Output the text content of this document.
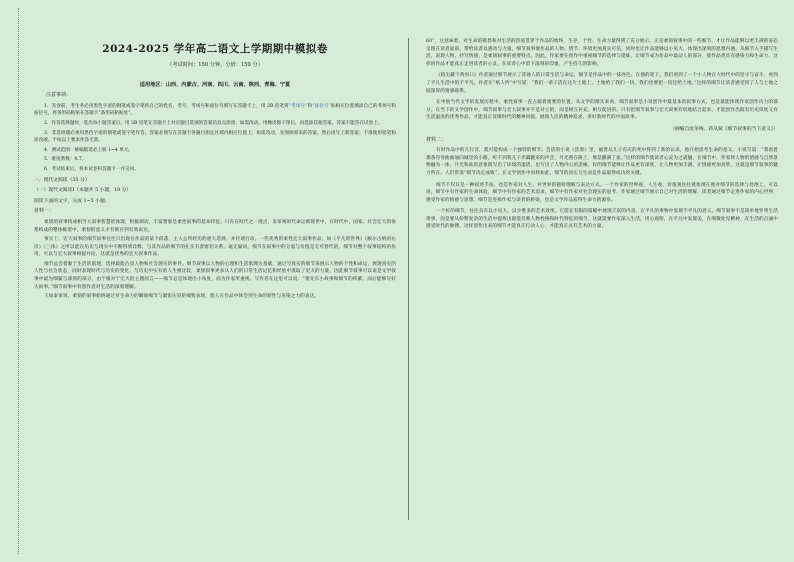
2024-2025 学年高二语文上学期期中模拟卷
（考试时间：150 分钟，分值：150 分）
适用地区：山西、内蒙古、河南、四川、云南、陕西、青海、宁夏
注意事项：

1．答卷前，考生务必用黑色字迹的钢笔或签字笔将自己的姓名、考号、考场号和座位号填写在答题卡上，用 2B 铅笔将“考场号”和“座位号”标相应位置填涂自己的考场号和座位号，将条形码粘贴在答题卡“条形码粘贴处”。

2．作答选择题时，选出每小题答案后，用 2B 铅笔在答题卡上对应题目选项的答案信息点涂黑；如需改动，用橡皮擦干净后，再选涂其他答案。答案不能答在试卷上。

3．非选择题必须用黑色字迹的钢笔或签字笔作答，答案必须写在答题卡各题目指定区域内相应位置上；如需改动，先划掉原来的答案，然后再写上新答案；不准使用铅笔和涂改液。不按以上要求作答无效。

4．测试范围：统编版选必上册 1~4 单元。

5．难度系数：0.7。

6．考试结束后，将本试卷和答题卡一并交回。

一、现代文阅读（35 分）

（一）现代文阅读Ⅰ（本题共 5 小题，19 分）

阅读下面的文字，完成 1~5 小题。

材料一：

柔韧的叙事构成相当大叙事智慧的体现，积极调动，丰富想象是柔性叙事的基本特征。只有在时代之一现点，来审视时代命运被现世中，在时代中，国家、社会宏大的体系构成的整体框架中，柔韧的意义才有被存到有效表达。

事实上，宏大叙事的细节叙事往往只出现在作品的某个段落，主人公所经历的重大选择，并付诸行动。一些优秀的柔性宏大叙事作品，如《平凡的世界》《额尔古纳河右岸》《三体》之所以能在历史与现实中不断得到诠释，与其作品的细节的扎实有着密切关系。毫无疑问，细节在叙事中的分量与价值是无可替代的，细节对整个叙事结构的作用，可以与宏大叙事相提并论。这就是优秀的宏大叙事作品。

细节总会着眼于生活的肌理，选择最能凸显人物和社会现实的事件。细节叙事以人物的心理和生活肌理为基础，通过写真实的细节来展示人物的个性和命运，展现真实的人性与社会状态，同时表现时代与历史的变化。与历史中实有的人生相比较，柔韧叙事更多从人们的日常生活记忆和经验中汲取了更大的力量，因此细节叙事可以说是文学叙事中最为细腻与深刻的部分，由于相对于宏大的主题而言——细节总是体现出小角度，而为作家所重视。写作者在这里可以说：“要先有小故事和细节的积累，而后能够写好大故事。”细节叙事中有创作者对生活的深刻理解。

王如泰说说，柔韧的叙事始终通过对生命力的瞬间细节与紧张压迫的细致表现，使人在作品中体会到生命的韧性与渲染之力的表达。

60”，这意味着，对生命的敬畏和对生活的热爱贯穿于作品的始终，生存、个性、生命力量得到了充分展示。正是柔韧叙事中的一些细节，才让作品能够以更丰满的姿态呈现在读者面前，带给读者以感动与力量。细节叙事使作品的人物、情节、环境更加真实可信，同时也让作品能够以小见大，体现出深刻的思想内涵。从细节入手描写生活、表现人物、抒写情感，是柔韧叙事的重要特点。因此，作家要在创作中重视细节的选择与提炼，让细节成为作品中最动人的部分，使作品更具有感染力和生命力。这样的作品才能真正走进读者的心灵，在读者心中留下深刻的印象，产生持久的影响。

《指尖藏下黄河口》作者通过细节展示了普通人的日常生活与命运，细节是作品中的一抹亮色。在他的笔下，我们看到了一个小人物在大时代中的坚守与奋斗，看到了平凡生活中的不平凡。作者在“纸人吟”中写道：“我们一辈子活在这片土地上，土地给了我们一切，我们也要把一切还给土地。”这样的细节让读者感受到了人与土地之间深厚的情感联系。

在中国当代文学的发展历程中，柔性叙事一直占据着重要的位置。从文学的源头来看，细节叙事是小说创作中最基本的叙事方式，也是最能体现作家创作功力的部分。在当下的文学创作中，细节叙事与宏大叙事并不是对立的，而是相互补充、相互促进的。只有把细节叙事与宏大叙事有机地结合起来，才能创作出既有历史厚度又有生活温度的优秀作品，才能真正反映时代的精神风貌，展现人民的精神追求，讲好新时代的中国故事。

（摘编自沈冬梅、蒋从斌《细节叙事的当下意义》）

材料二：

有时作品中的几行诗，就可能构成一个独特的细节。会话的小说《活着》里，福贵从儿子有庆的死中得到了新的认识，他开始思考生命的意义。小说写道：“我看着那条弯弯曲曲通向城里的小路，听不到我儿子赤脚跑来的声音，月光照在路上，像是撒满了盐。”这样的细节使读者心灵为之震撼，在细节中，作家将人物的情感与自然景物融为一体，月光和盐的意象既写出了环境的凄清，也写出了人物内心的悲痛。好的细节能够让作品更有深度，让人物更加丰满，让情感更加真挚，这就是细节叙事的魅力所在。人们常说“细节决定成败”，在文学创作中同样如此，细节的真实与生动是作品取得成功的关键。

细节不仅仅是一种叙述手法，也是作家对人生、对世界的独特理解与表达方式。一个作家的世界观、人生观、价值观往往就体现在他对细节的选择与处理上。可以说，细节中有作家的生命体验，细节中有作家的艺术追求，细节中有作家对社会现实的思考。作家通过细节展示自己对生活的理解，读者通过细节走进作家的内心世界，感受作家的情感与思想。细节是连接作家与读者的桥梁，也是文学作品获得生命力的源泉。

一个好的细节，往往具有以小见大、以少胜多的艺术效果。它能在有限的篇幅中展现丰富的内容，在平凡的事物中发现不平凡的意义。细节叙事不是简单地罗列生活琐事，而是要从纷繁复杂的生活中提炼出最能反映人物性格和时代特征的细节。这就需要作家深入生活，用心观察，在平凡中发现美，在细微处见精神，在生活的点滴中感受时代的脉搏，这样创作出来的细节才能真正打动人心，才能真正具有艺术的力量。
